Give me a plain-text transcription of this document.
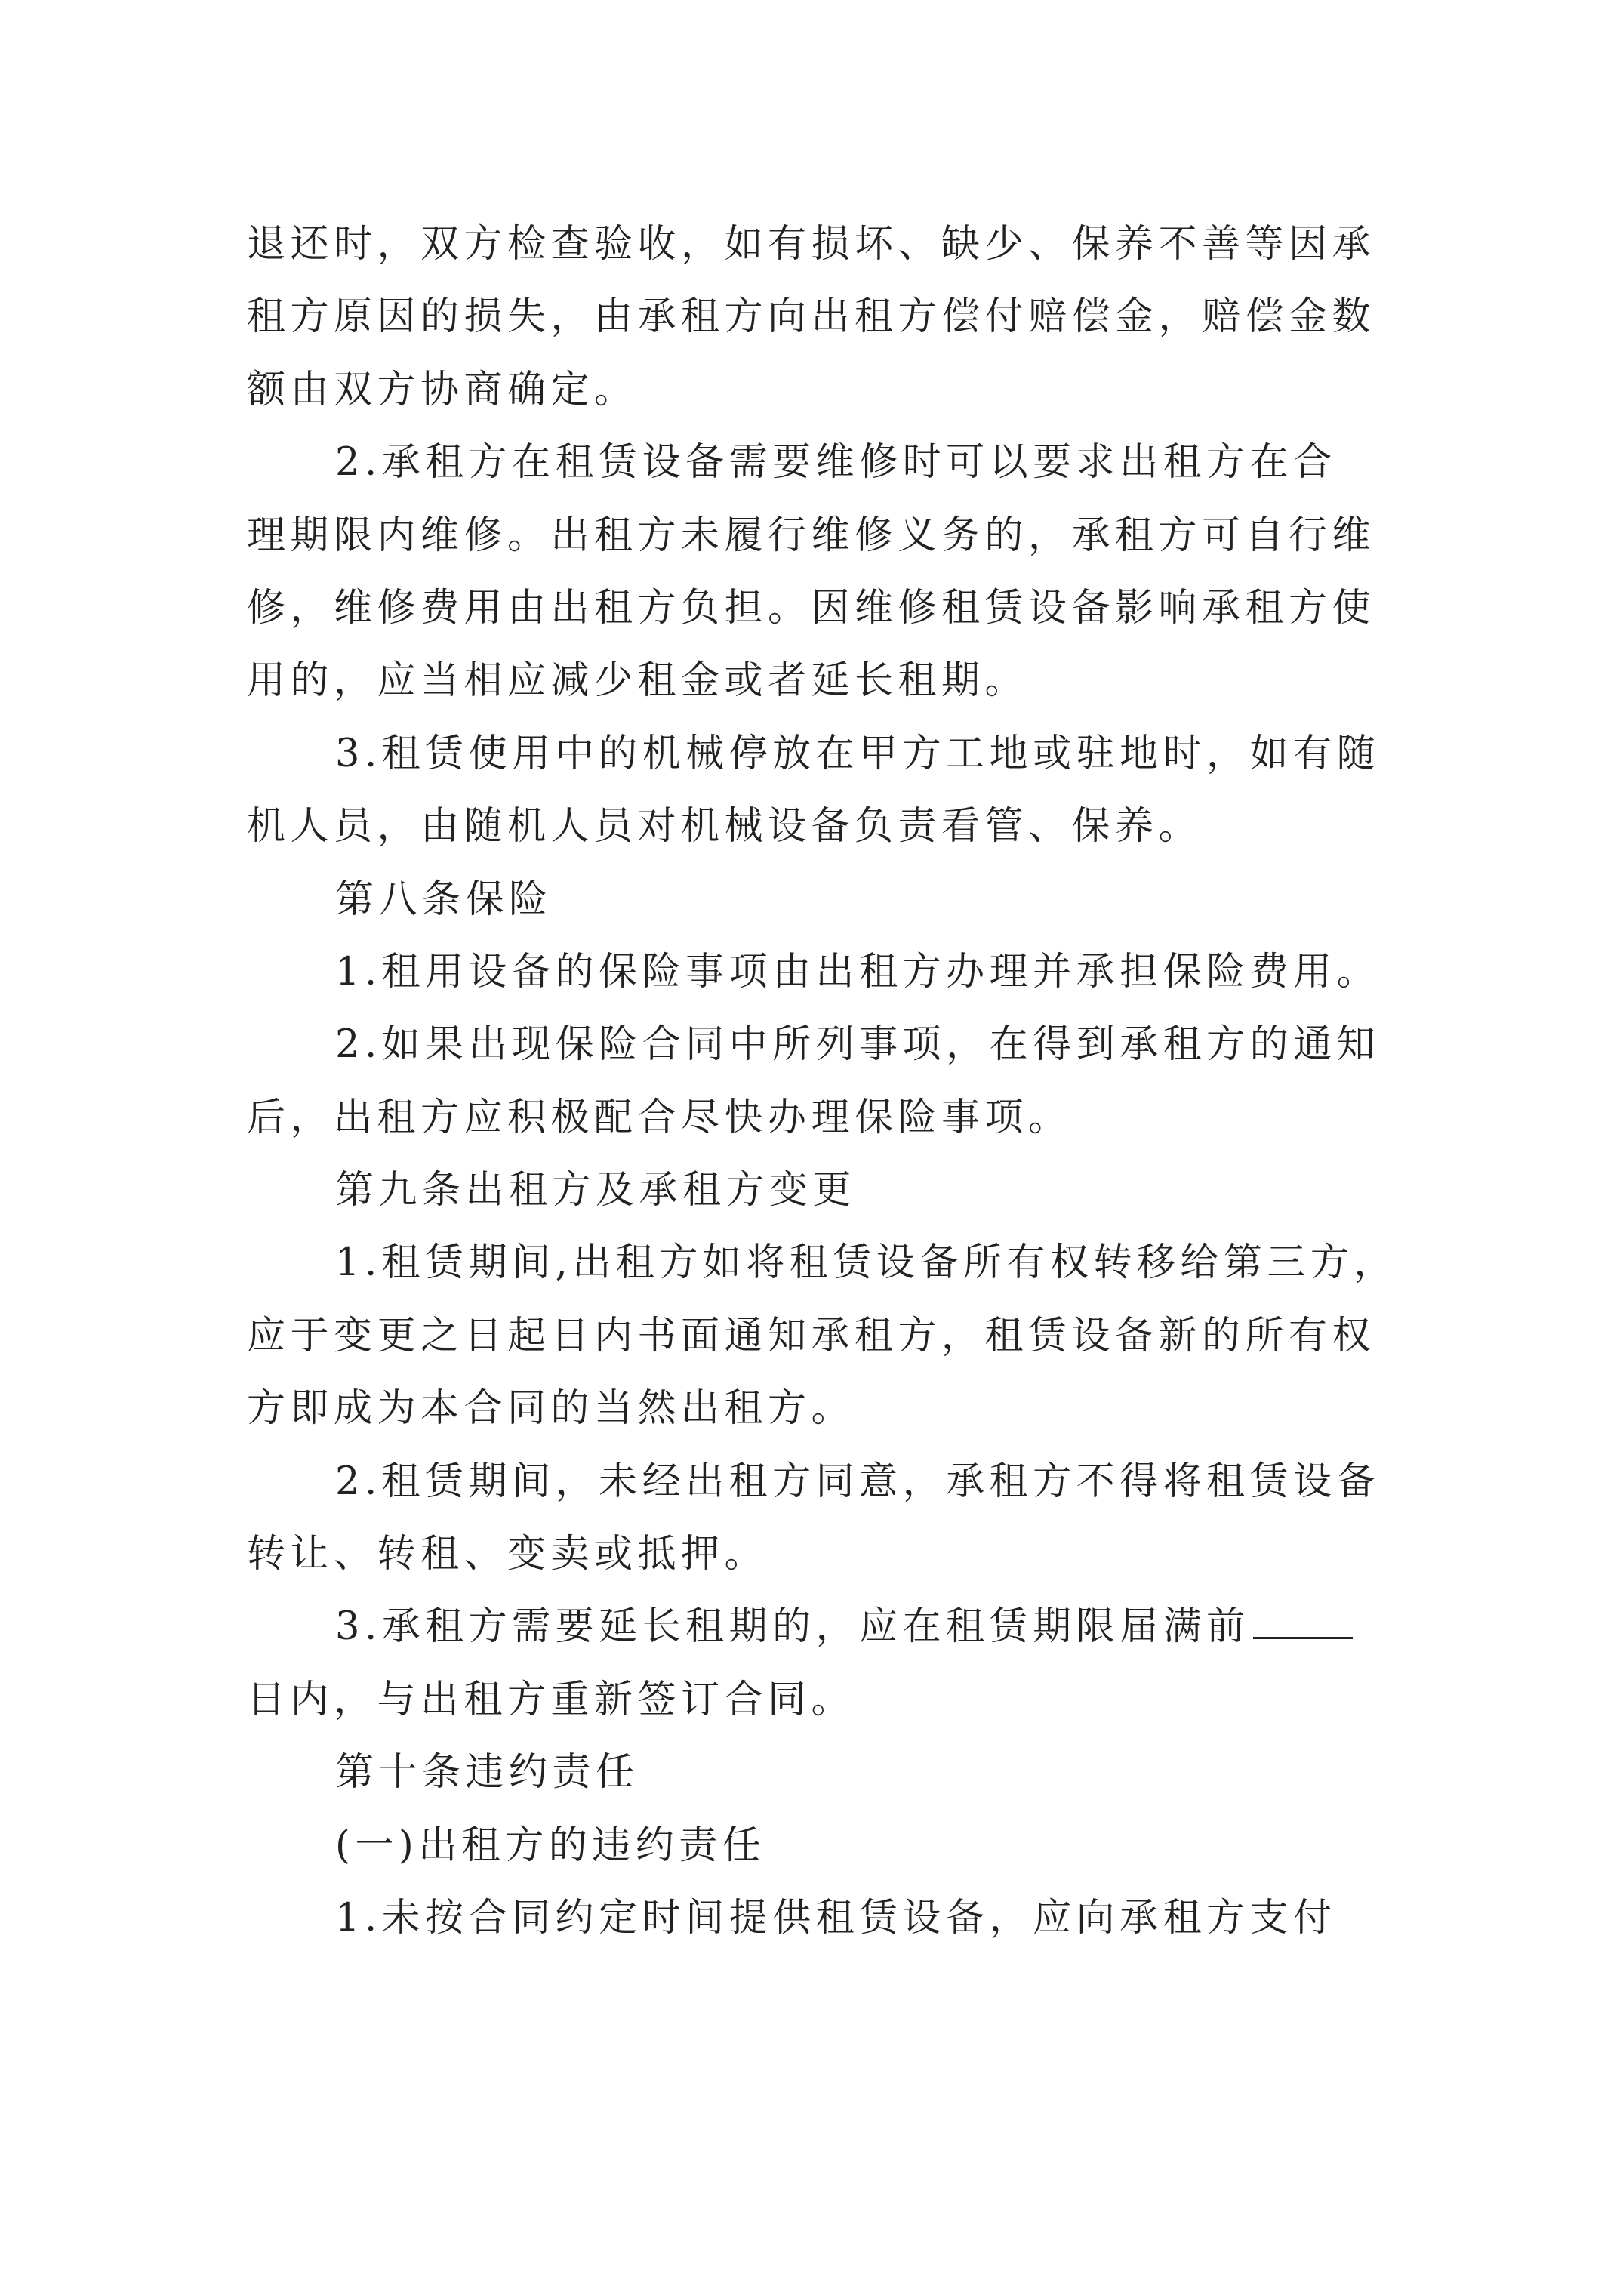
退还时，双方检查验收，如有损坏、缺少、保养不善等因承
租方原因的损失，由承租方向出租方偿付赔偿金，赔偿金数
额由双方协商确定。
2.承租方在租赁设备需要维修时可以要求出租方在合
理期限内维修。出租方未履行维修义务的，承租方可自行维
修，维修费用由出租方负担。因维修租赁设备影响承租方使
用的，应当相应减少租金或者延长租期。
3.租赁使用中的机械停放在甲方工地或驻地时，如有随
机人员，由随机人员对机械设备负责看管、保养。
第八条保险
1.租用设备的保险事项由出租方办理并承担保险费用。
2.如果出现保险合同中所列事项，在得到承租方的通知
后，出租方应积极配合尽快办理保险事项。
第九条出租方及承租方变更
1.租赁期间,出租方如将租赁设备所有权转移给第三方，
应于变更之日起日内书面通知承租方，租赁设备新的所有权
方即成为本合同的当然出租方。
2.租赁期间，未经出租方同意，承租方不得将租赁设备
转让、转租、变卖或抵押。
3.承租方需要延长租期的，应在租赁期限届满前
日内，与出租方重新签订合同。
第十条违约责任
(一)出租方的违约责任
1.未按合同约定时间提供租赁设备，应向承租方支付
